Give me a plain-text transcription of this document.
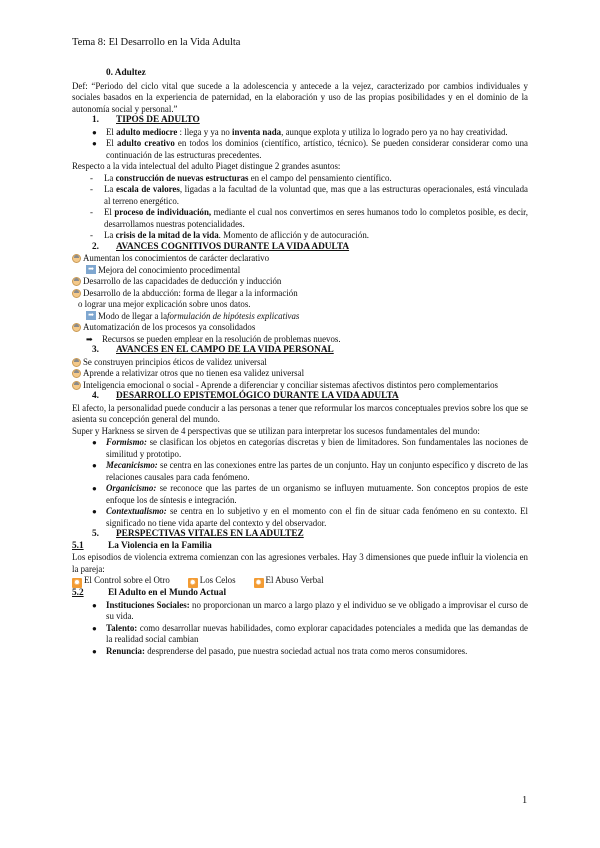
Tema 8: El Desarrollo en la Vida Adulta
0. Adultez

Def: “Periodo del ciclo vital que sucede a la adolescencia y antecede a la vejez, caracterizado por cambios individuales y sociales basados en la experiencia de paternidad, en la elaboración y uso de las propias posibilidades y en el dominio de la autonomía social y personal.”

1.	TIPOS DE ADULTO
●	El adulto mediocre : llega y ya no inventa nada, aunque explota y utiliza lo logrado pero ya no hay creatividad.
●	El adulto creativo en todos los dominios (científico, artístico, técnico). Se pueden considerar considerar como una continuación de las estructuras precedentes.

Respecto a la vida intelectual del adulto Piaget distingue 2 grandes asuntos:

-	La construcción de nuevas estructuras en el campo del pensamiento científico.
-	La escala de valores, ligadas a la facultad de la voluntad que, mas que a las estructuras operacionales, está vinculada al terreno energético.
-	El proceso de individuación, mediante el cual nos convertimos en seres humanos todo lo completos posible, es decir, desarrollamos nuestras potencialidades.
-	La crisis de la mitad de la vida. Momento de aflicción y de autocuración.
2.	AVANCES COGNITIVOS DURANTE LA VIDA ADULTA
Aumentan los conocimientos de carácter declarativo
➡ Mejora del conocimiento procedimental
Desarrollo de las capacidades de deducción y inducción
Desarrollo de la abducción: forma de llegar a la información

o lograr una mejor explicación sobre unos datos.

➡ Modo de llegar a la formulación de hipótesis explicativas
Automatización de los procesos ya consolidados
➡	Recursos se pueden emplear en la resolución de problemas nuevos.
3.	AVANCES EN EL CAMPO DE LA VIDA PERSONAL
Se construyen principios éticos de validez universal
Aprende a relativizar otros que no tienen esa validez universal
Inteligencia emocional o social - Aprende a diferenciar y conciliar sistemas afectivos distintos pero complementarios
4.	DESARROLLO EPISTEMOLÓGICO DURANTE LA VIDA ADULTA

El afecto, la personalidad puede conducir a las personas a tener que reformular los marcos conceptuales previos sobre los que se asienta su concepción general del mundo.

Super y Harkness se sirven de 4 perspectivas que se utilizan para interpretar los sucesos fundamentales del mundo:

●	Formismo: se clasifican los objetos en categorías discretas y bien de limitadores. Son fundamentales las nociones de similitud y prototipo.
●	Mecanicismo: se centra en las conexiones entre las partes de un conjunto. Hay un conjunto específico y discreto de las relaciones causales para cada fenómeno.
●	Organicismo: se reconoce que las partes de un organismo se influyen mutuamente. Son conceptos propios de este enfoque los de síntesis e integración.
●	Contextualismo: se centra en lo subjetivo y en el momento con el fin de situar cada fenómeno en su contexto. El significado no tiene vida aparte del contexto y del observador.
5.	PERSPECTIVAS VITALES EN LA ADULTEZ
5.1	La Violencia en la Familia

Los episodios de violencia extrema comienzan con las agresiones verbales. Hay 3 dimensiones que puede influir la violencia en la pareja:

✹ El Control sobre el Otro ✹ Los Celos ✹ El Abuso Verbal
5.2	El Adulto en el Mundo Actual
●	Instituciones Sociales: no proporcionan un marco a largo plazo y el individuo se ve obligado a improvisar el curso de su vida.
●	Talento: como desarrollar nuevas habilidades, como explorar capacidades potenciales a medida que las demandas de la realidad social cambian
●	Renuncia: desprenderse del pasado, pue nuestra sociedad actual nos trata como meros consumidores.
1
